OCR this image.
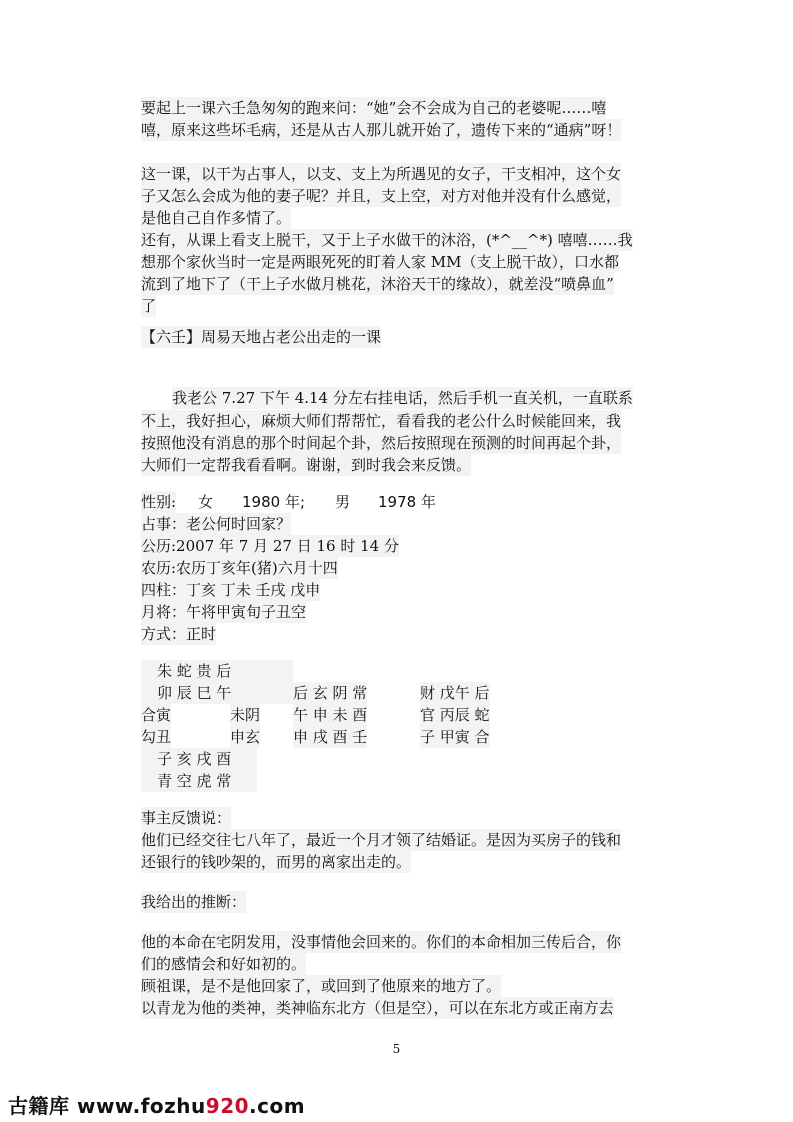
要起上一课六壬急匆匆的跑来问：“她”会不会成为自己的老婆呢……嘻
嘻，原来这些坏毛病，还是从古人那儿就开始了，遗传下来的“通病”呀！
这一课，以干为占事人，以支、支上为所遇见的女子，干支相冲，这个女
子又怎么会成为他的妻子呢？并且，支上空，对方对他并没有什么感觉，
是他自己自作多情了。
还有，从课上看支上脱干，又于上子水做干的沐浴，(*^__^*) 嘻嘻……我
想那个家伙当时一定是两眼死死的盯着人家 MM（支上脱干故），口水都
流到了地下了（干上子水做月桃花，沐浴天干的缘故），就差没“喷鼻血”
了
【六壬】周易天地占老公出走的一课
我老公 7.27 下午 4.14 分左右挂电话，然后手机一直关机，一直联系
不上，我好担心，麻烦大师们帮帮忙，看看我的老公什么时候能回来，我
按照他没有消息的那个时间起个卦，然后按照现在预测的时间再起个卦，
大师们一定帮我看看啊。谢谢，到时我会来反馈。
性别: 女 1980 年; 男 1978 年
占事：老公何时回家？
公历:2007 年 7 月 27 日 16 时 14 分
农历:农历丁亥年(猪)六月十四
四柱：丁亥 丁未 壬戌 戊申
月将：午将甲寅旬子丑空
方式：正时
朱 蛇 贵 后
卯 辰 巳 午
合寅	未阴
勾丑	申玄
子 亥 戌 酉
青 空 虎 常
后 玄 阴 常
午 申 未 酉
申 戌 酉 壬
财 戊午 后
官 丙辰 蛇
子 甲寅 合
事主反馈说：
他们已经交往七八年了，最近一个月才领了结婚证。是因为买房子的钱和
还银行的钱吵架的，而男的离家出走的。
我给出的推断：
他的本命在宅阴发用，没事情他会回来的。你们的本命相加三传后合，你
们的感情会和好如初的。
顾祖课，是不是他回家了，或回到了他原来的地方了。
以青龙为他的类神，类神临东北方（但是空），可以在东北方或正南方去
5
古籍库 www.fozhu920.com
